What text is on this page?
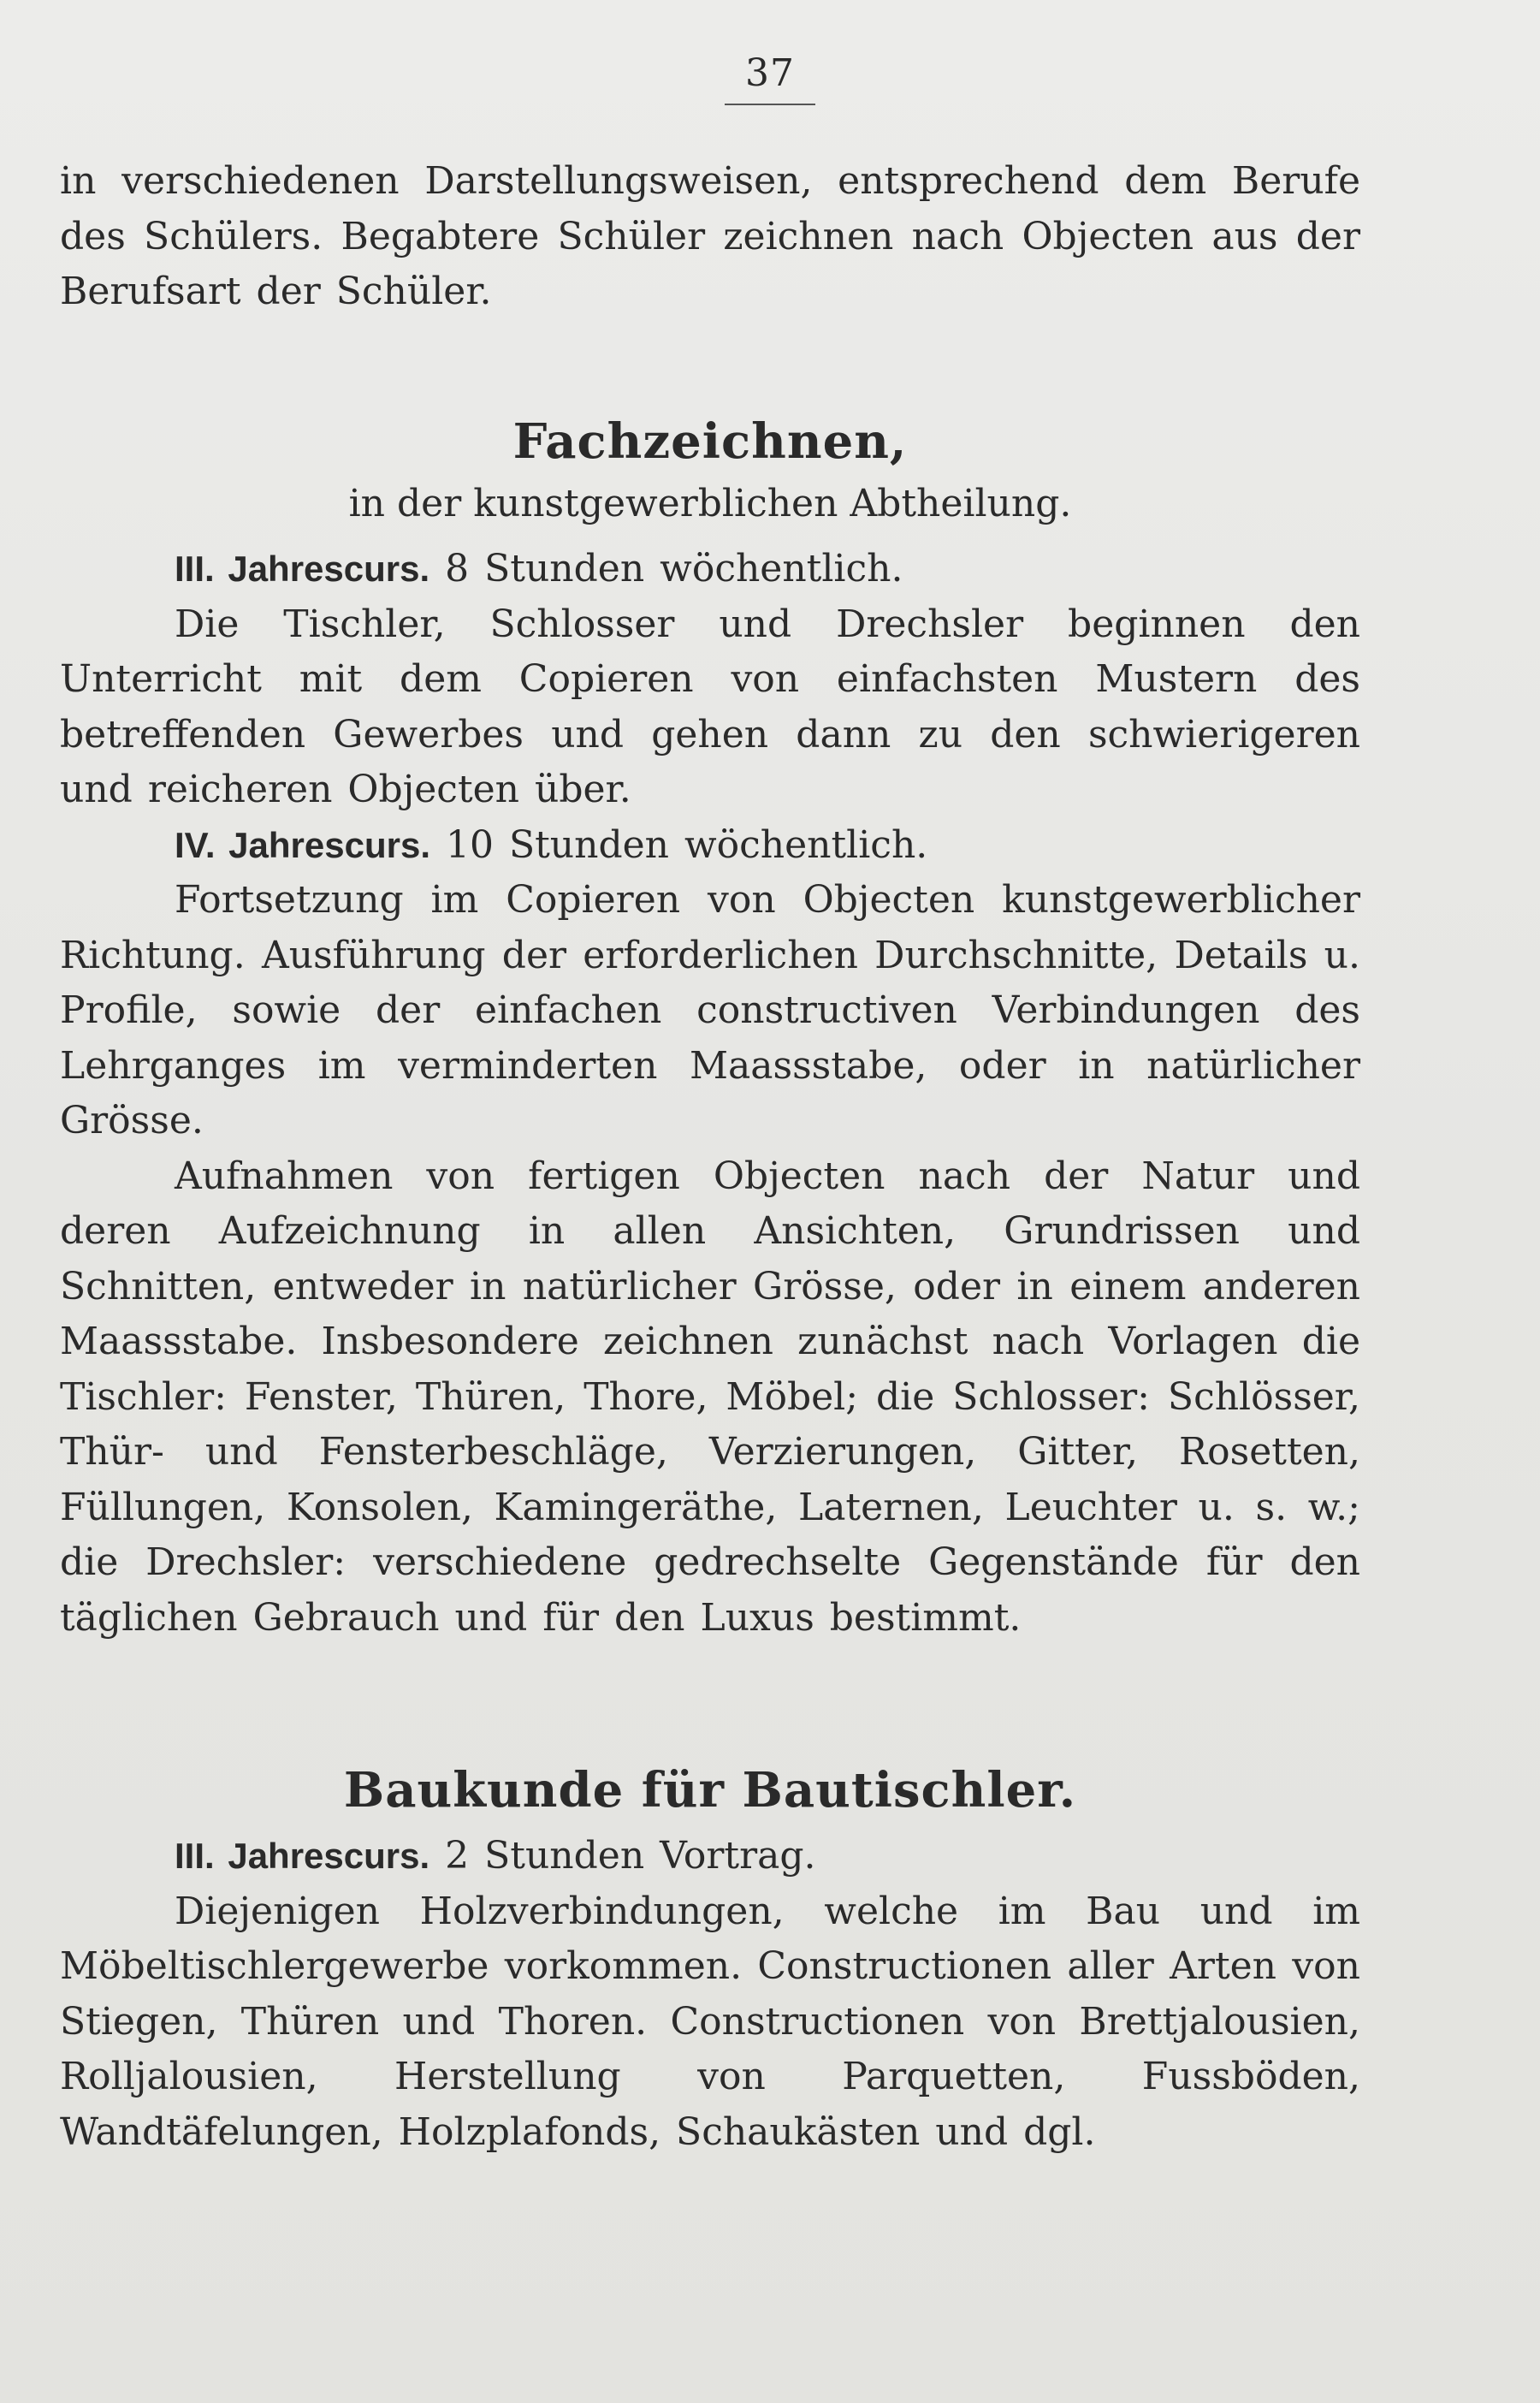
37

in verschiedenen Darstellungsweisen, entsprechend dem Berufe des Schülers. Begabtere Schüler zeichnen nach Objecten aus der Berufsart der Schüler.

Fachzeichnen,
in der kunstgewerblichen Abtheilung.

III. Jahrescurs. 8 Stunden wöchentlich.

Die Tischler, Schlosser und Drechsler beginnen den Unterricht mit dem Copieren von einfachsten Mustern des betreffenden Gewerbes und gehen dann zu den schwierigeren und reicheren Objecten über.

IV. Jahrescurs. 10 Stunden wöchentlich.

Fortsetzung im Copieren von Objecten kunstgewerblicher Richtung. Ausführung der erforderlichen Durchschnitte, Details u. Profile, sowie der einfachen constructiven Verbindungen des Lehrganges im verminderten Maassstabe, oder in natürlicher Grösse.

Aufnahmen von fertigen Objecten nach der Natur und deren Aufzeichnung in allen Ansichten, Grundrissen und Schnitten, entweder in natürlicher Grösse, oder in einem anderen Maassstabe. Insbesondere zeichnen zunächst nach Vorlagen die Tischler: Fenster, Thüren, Thore, Möbel; die Schlosser: Schlösser, Thür- und Fensterbeschläge, Verzierungen, Gitter, Rosetten, Füllungen, Konsolen, Kamingeräthe, Laternen, Leuchter u. s. w.; die Drechsler: verschiedene gedrechselte Gegenstände für den täglichen Gebrauch und für den Luxus bestimmt.

Baukunde für Bautischler.

III. Jahrescurs. 2 Stunden Vortrag.

Diejenigen Holzverbindungen, welche im Bau und im Möbeltischlergewerbe vorkommen. Constructionen aller Arten von Stiegen, Thüren und Thoren. Constructionen von Brettjalousien, Rolljalousien, Herstellung von Parquetten, Fussböden, Wandtäfelungen, Holzplafonds, Schaukästen und dgl.
